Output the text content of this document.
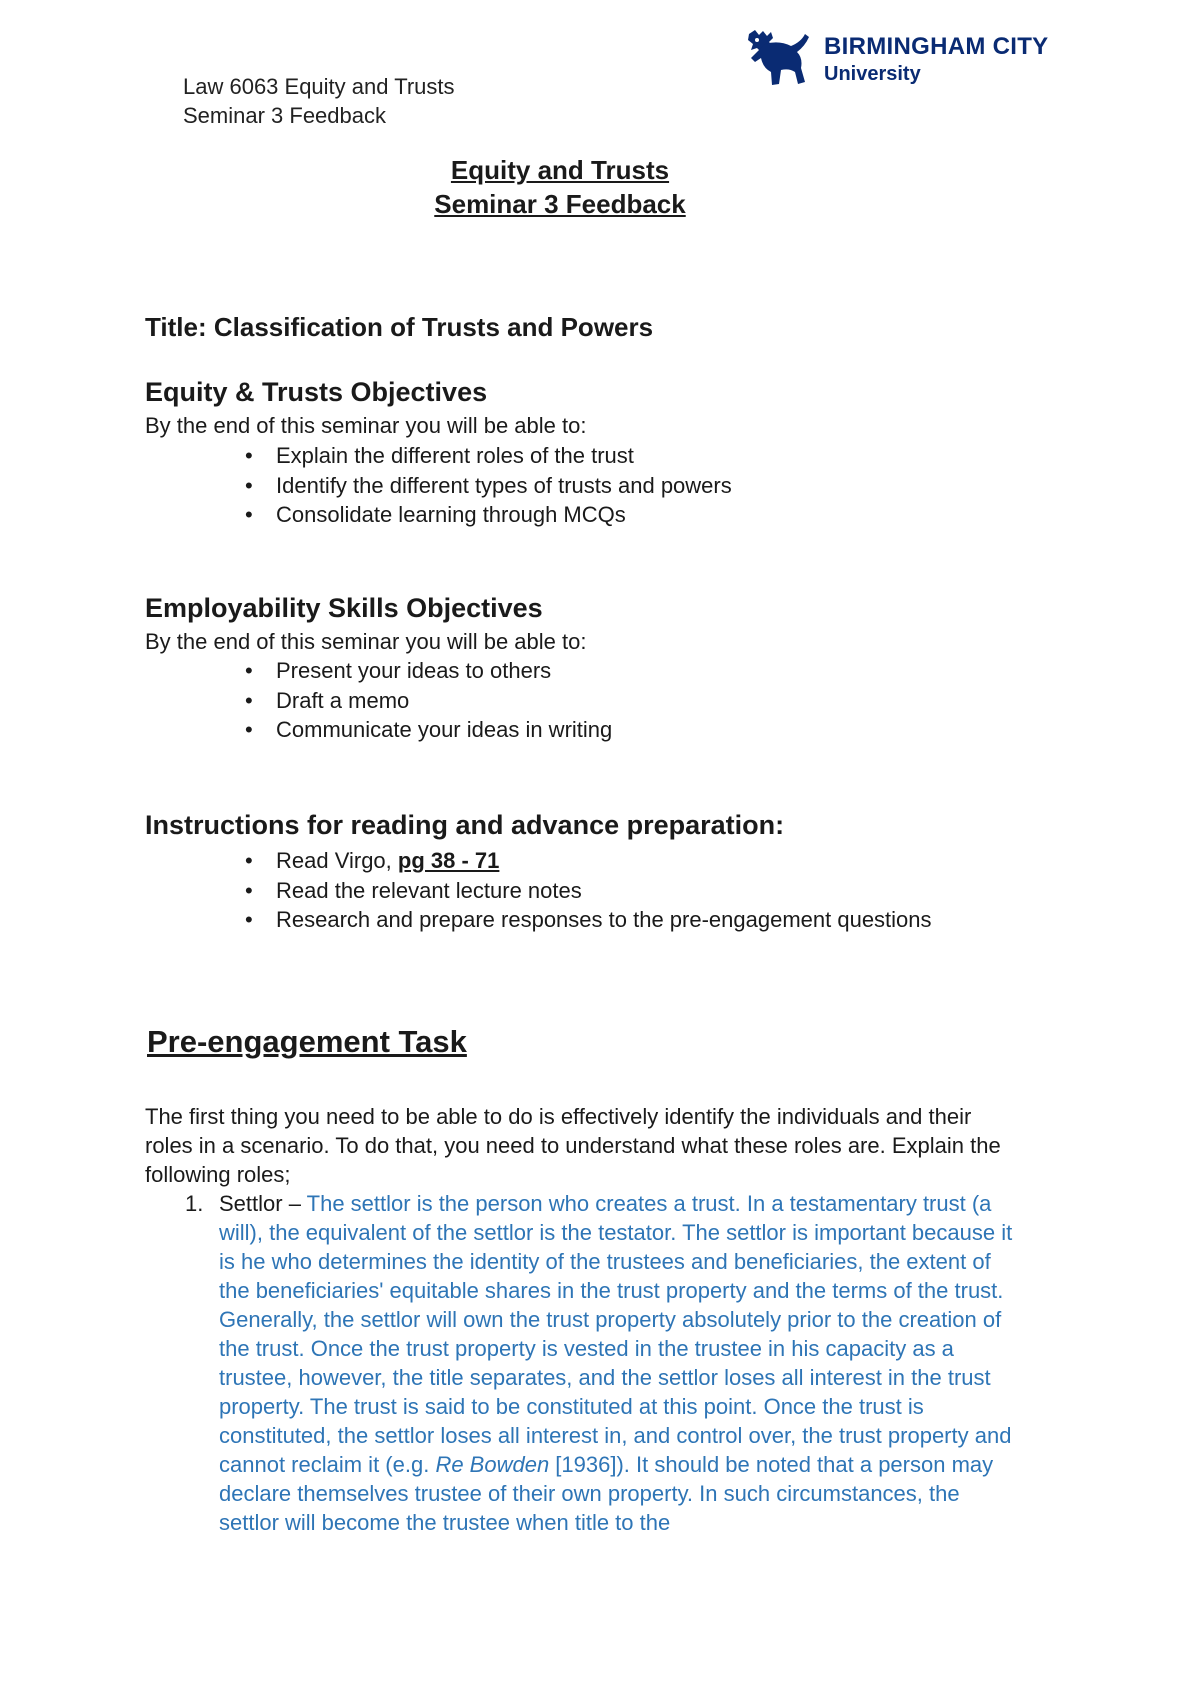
Law 6063 Equity and Trusts
Seminar 3 Feedback
BIRMINGHAM CITY
University
Equity and Trusts
Seminar 3 Feedback
Title: Classification of Trusts and Powers
Equity & Trusts Objectives
By the end of this seminar you will be able to:
• Explain the different roles of the trust
• Identify the different types of trusts and powers
• Consolidate learning through MCQs
Employability Skills Objectives
By the end of this seminar you will be able to:
• Present your ideas to others
• Draft a memo
• Communicate your ideas in writing
Instructions for reading and advance preparation:
• Read Virgo, pg 38 - 71
• Read the relevant lecture notes
• Research and prepare responses to the pre-engagement questions
Pre-engagement Task
The first thing you need to be able to do is effectively identify the individuals and their roles in a scenario. To do that, you need to understand what these roles are. Explain the following roles;
1. Settlor – The settlor is the person who creates a trust. In a testamentary trust (a will), the equivalent of the settlor is the testator. The settlor is important because it is he who determines the identity of the trustees and beneficiaries, the extent of the beneficiaries' equitable shares in the trust property and the terms of the trust. Generally, the settlor will own the trust property absolutely prior to the creation of the trust. Once the trust property is vested in the trustee in his capacity as a trustee, however, the title separates, and the settlor loses all interest in the trust property. The trust is said to be constituted at this point. Once the trust is constituted, the settlor loses all interest in, and control over, the trust property and cannot reclaim it (e.g. Re Bowden [1936]). It should be noted that a person may declare themselves trustee of their own property. In such circumstances, the settlor will become the trustee when title to the
